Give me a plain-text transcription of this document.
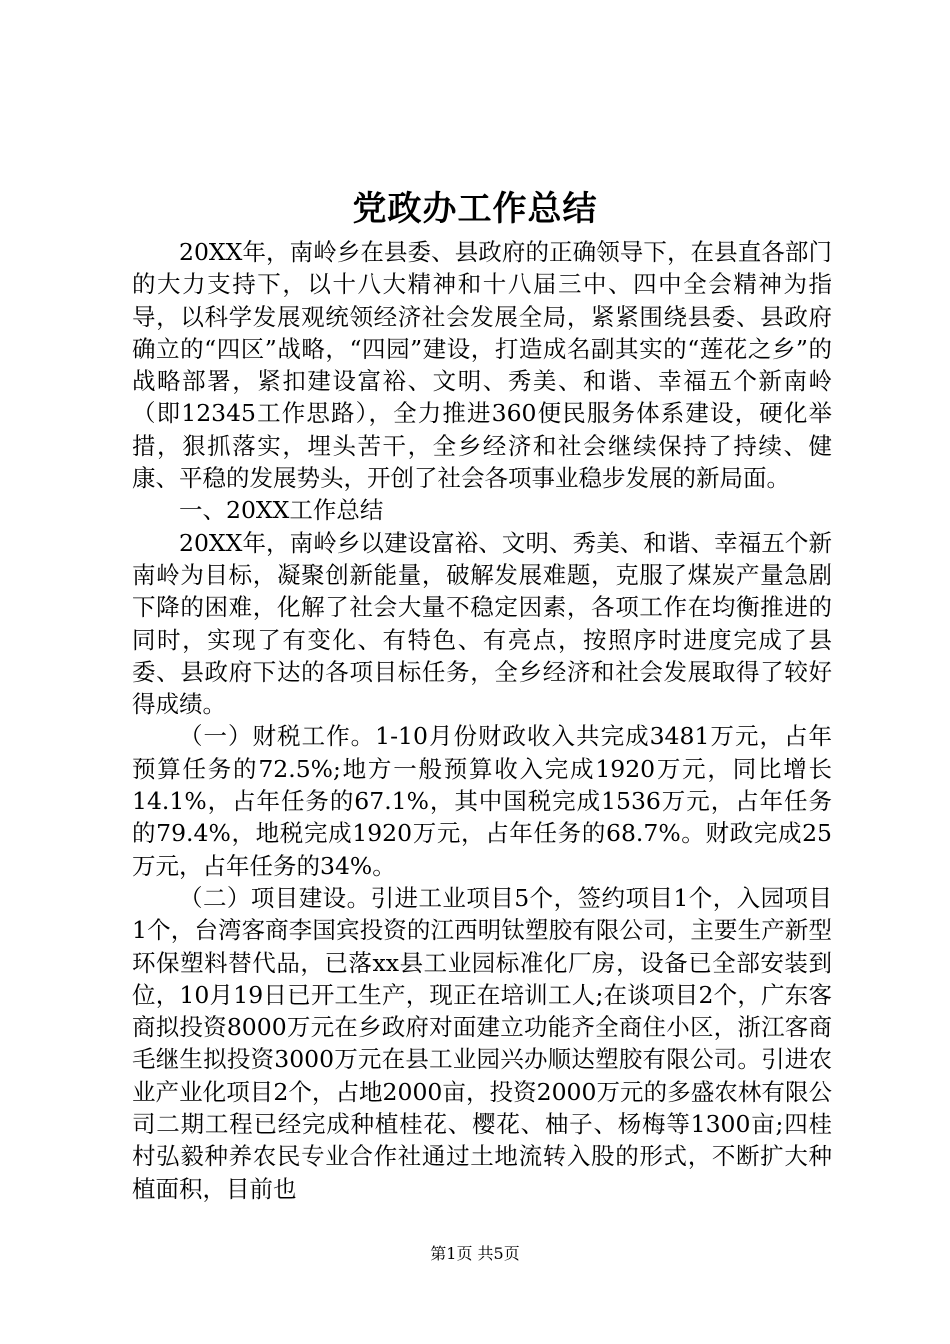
党政办工作总结

20XX年，南岭乡在县委、县政府的正确领导下，在县直各部门的大力支持下，以十八大精神和十八届三中、四中全会精神为指导，以科学发展观统领经济社会发展全局，紧紧围绕县委、县政府确立的“四区”战略，“四园”建设，打造成名副其实的“莲花之乡”的战略部署，紧扣建设富裕、文明、秀美、和谐、幸福五个新南岭（即12345工作思路），全力推进360便民服务体系建设，硬化举措，狠抓落实，埋头苦干，全乡经济和社会继续保持了持续、健康、平稳的发展势头，开创了社会各项事业稳步发展的新局面。

一、20XX工作总结

20XX年，南岭乡以建设富裕、文明、秀美、和谐、幸福五个新南岭为目标，凝聚创新能量，破解发展难题，克服了煤炭产量急剧下降的困难，化解了社会大量不稳定因素，各项工作在均衡推进的同时，实现了有变化、有特色、有亮点，按照序时进度完成了县委、县政府下达的各项目标任务，全乡经济和社会发展取得了较好得成绩。

（一）财税工作。1-10月份财政收入共完成3481万元，占年预算任务的72.5%;地方一般预算收入完成1920万元，同比增长14.1%，占年任务的67.1%，其中国税完成1536万元，占年任务的79.4%，地税完成1920万元，占年任务的68.7%。财政完成25万元，占年任务的34%。

（二）项目建设。引进工业项目5个，签约项目1个，入园项目1个，台湾客商李国宾投资的江西明钛塑胶有限公司，主要生产新型环保塑料替代品，已落xx县工业园标准化厂房，设备已全部安装到位，10月19日已开工生产，现正在培训工人;在谈项目2个，广东客商拟投资8000万元在乡政府对面建立功能齐全商住小区，浙江客商毛继生拟投资3000万元在县工业园兴办顺达塑胶有限公司。引进农业产业化项目2个，占地2000亩，投资2000万元的多盛农林有限公司二期工程已经完成种植桂花、樱花、柚子、杨梅等1300亩;四桂村弘毅种养农民专业合作社通过土地流转入股的形式，不断扩大种植面积，目前也

第1页 共5页
